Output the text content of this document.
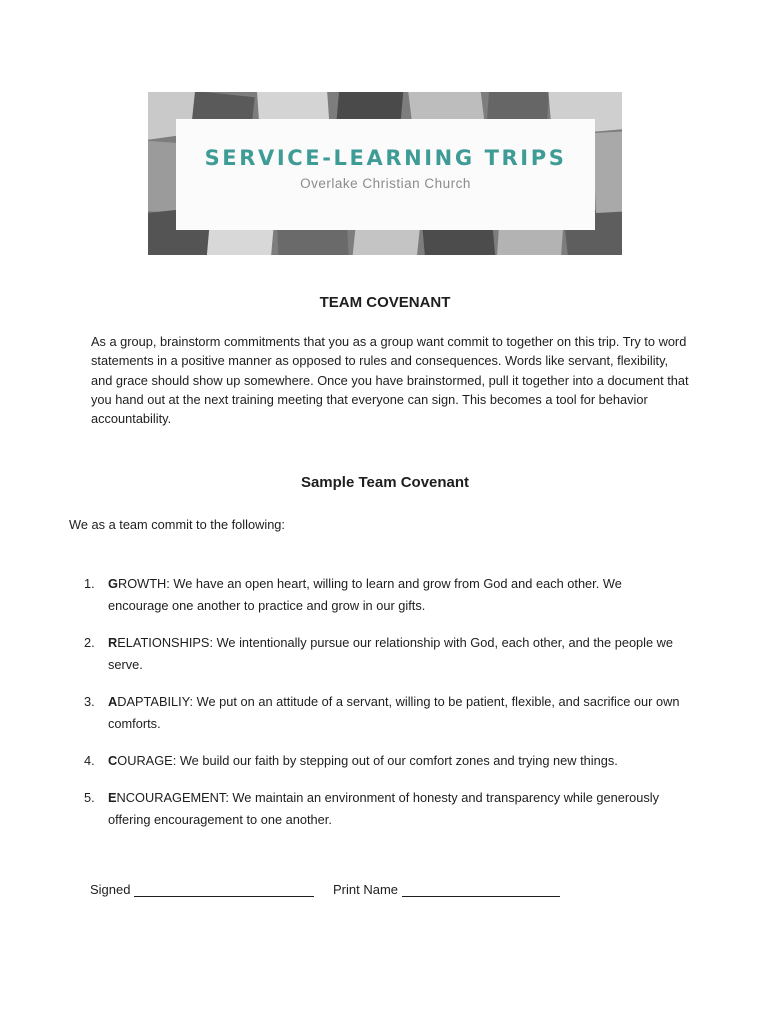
SERVICE-LEARNING TRIPS
Overlake Christian Church
TEAM COVENANT
As a group, brainstorm commitments that you as a group want commit to together on this trip. Try to word statements in a positive manner as opposed to rules and consequences. Words like servant, flexibility, and grace should show up somewhere. Once you have brainstormed, pull it together into a document that you hand out at the next training meeting that everyone can sign. This becomes a tool for behavior accountability.
Sample Team Covenant
We as a team commit to the following:
1. GROWTH: We have an open heart, willing to learn and grow from God and each other. We encourage one another to practice and grow in our gifts.
2. RELATIONSHIPS: We intentionally pursue our relationship with God, each other, and the people we serve.
3. ADAPTABILIY: We put on an attitude of a servant, willing to be patient, flexible, and sacrifice our own comforts.
4. COURAGE: We build our faith by stepping out of our comfort zones and trying new things.
5. ENCOURAGEMENT: We maintain an environment of honesty and transparency while generously offering encouragement to one another.
Signed	Print Name
